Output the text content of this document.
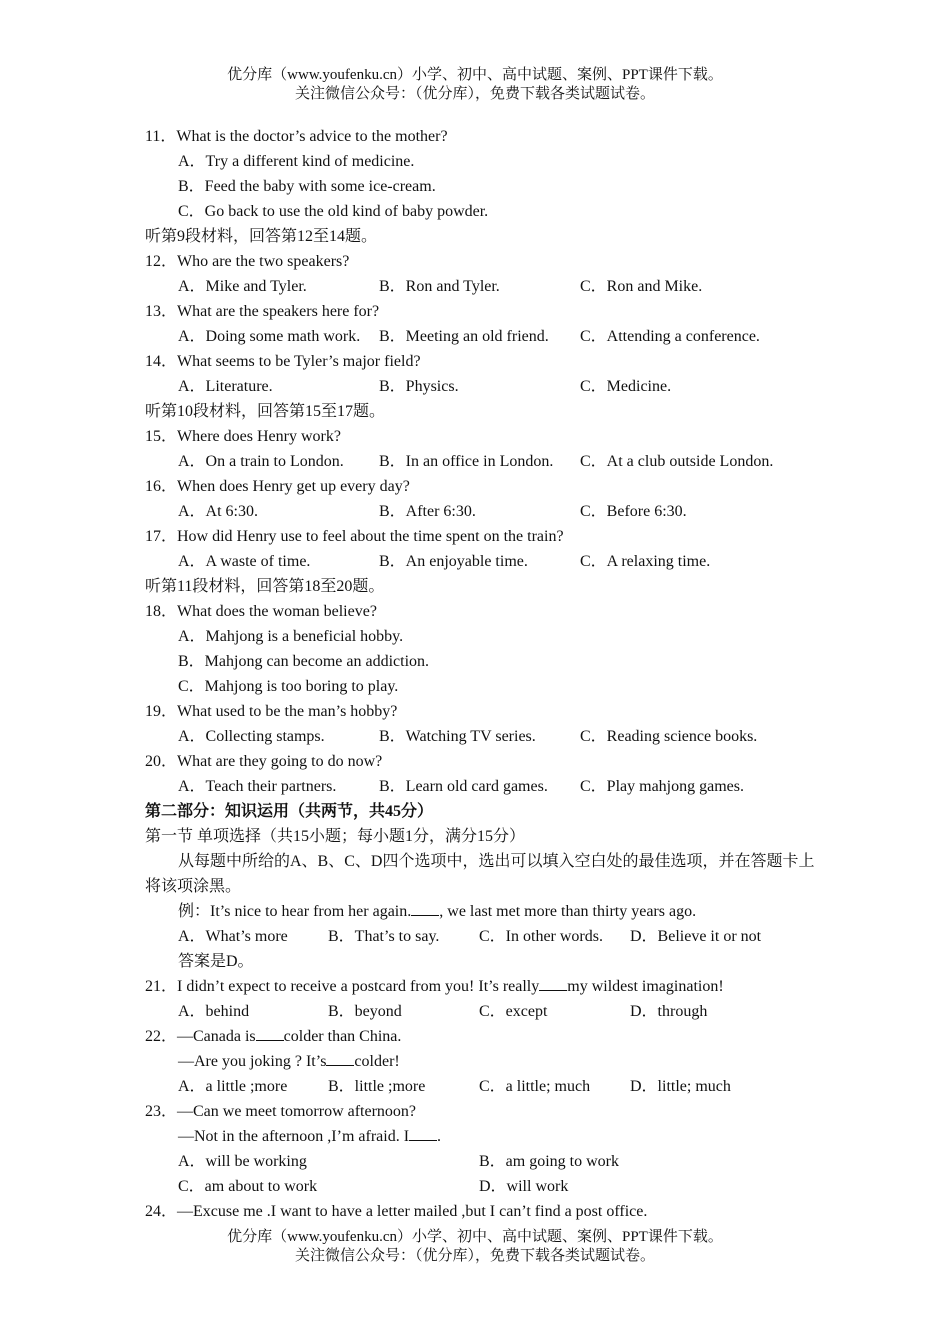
优分库（www.youfenku.cn）小学、初中、高中试题、案例、PPT课件下载。
关注微信公众号：（优分库），免费下载各类试题试卷。
11．What is the doctor’s advice to the mother?
A．Try a different kind of medicine.
B．Feed the baby with some ice-cream.
C．Go back to use the old kind of baby powder.
听第9段材料，回答第12至14题。
12．Who are the two speakers?
A．Mike and Tyler.	B．Ron and Tyler.	C．Ron and Mike.
13．What are the speakers here for?
A．Doing some math work. B．Meeting an old friend. C．Attending a conference.
14．What seems to be Tyler’s major field?
A．Literature.	B．Physics.	C．Medicine.
听第10段材料，回答第15至17题。
15．Where does Henry work?
A．On a train to London. B．In an office in London. C．At a club outside London.
16．When does Henry get up every day?
A．At 6:30.	B．After 6:30.	C．Before 6:30.
17．How did Henry use to feel about the time spent on the train?
A．A waste of time.	B．An enjoyable time.	C．A relaxing time.
听第11段材料，回答第18至20题。
18．What does the woman believe?
A．Mahjong is a beneficial hobby.
B．Mahjong can become an addiction.
C．Mahjong is too boring to play.
19．What used to be the man’s hobby?
A．Collecting stamps.	B．Watching TV series.	C．Reading science books.
20．What are they going to do now?
A．Teach their partners.	B．Learn old card games. C．Play mahjong games.
第二部分：知识运用（共两节，共45分）
第一节 单项选择（共15小题；每小题1分，满分15分）
从每题中所给的A、B、C、D四个选项中，选出可以填入空白处的最佳选项，并在答题卡上将该项涂黑。
例：It’s nice to hear from her again. , we last met more than thirty years ago.
A．What’s more	B．That’s to say. C．In other words. D．Believe it or not
答案是D。
21．I didn’t expect to receive a postcard from you! It’s really my wildest imagination!
A．behind	B．beyond	C．except	D．through
22．—Canada is colder than China.
—Are you joking ? It’s colder!
A．a little ;more	B．little ;more	C．a little; much D．little; much
23．—Can we meet tomorrow afternoon?
—Not in the afternoon ,I’m afraid. I .
A．will be working	B．am going to work
C．am about to work	D．will work
24．—Excuse me .I want to have a letter mailed ,but I can’t find a post office.
优分库（www.youfenku.cn）小学、初中、高中试题、案例、PPT课件下载。
关注微信公众号：（优分库），免费下载各类试题试卷。
